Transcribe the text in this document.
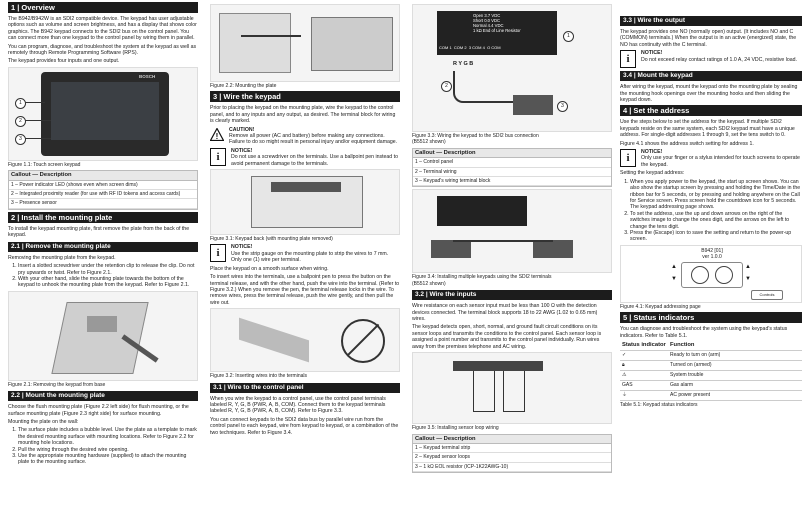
1 | Overview

The B942/B942W is an SDI2 compatible device. The keypad has user adjustable options such as volume and screen brightness, and has a display that shows color graphics. The B942 keypad connects to the SDI2 bus on the control panel. You can connect more than one keypad to the control panel by wiring them in parallel.

You can program, diagnose, and troubleshoot the system at the keypad as well as remotely through Remote Programming Software (RPS).

The keypad provides four inputs and one output.

BOSCH
1
2
3
Figure 1.1: Touch screen keypad
Callout — Description
1 – Power indicator LED (shows even when screen dims)
2 – Integrated proximity reader (for use with RF ID tokens and access cards)
3 – Presence sensor
2 | Install the mounting plate

To install the keypad mounting plate, first remove the plate from the back of the keypad.

2.1 | Remove the mounting plate

Removing the mounting plate from the keypad.

1. Insert a slotted screwdriver under the retention clip to release the clip. Do not pry upwards or twist. Refer to Figure 2.1.
2. With your other hand, slide the mounting plate towards the bottom of the keypad to unhook the mounting plate from the keypad. Refer to Figure 2.1.
Figure 2.1: Removing the keypad from base
2.2 | Mount the mounting plate

Choose the flush mounting plate (Figure 2.2 left side) for flush mounting, or the surface mounting plate (Figure 2.3 right side) for surface mounting.

Mounting the plate on the wall:

1. The surface plate includes a bubble level. Use the plate as a template to mark the desired mounting surface with mounting locations. Refer to Figure 2.2 for mounting hole locations.
2. Pull the wiring through the desired wire opening.
3. Use the appropriate mounting hardware (supplied) to attach the mounting plate to the mounting surface.
Figure 2.2: Mounting the plate
3 | Wire the keypad

Prior to placing the keypad on the mounting plate, wire the keypad to the control panel, and to any inputs and any output, as desired. The terminal block for wiring is clearly marked.

!
CAUTION!
Remove all power (AC and battery) before making any connections. Failure to do so might result in personal injury and/or equipment damage.
i	NOTICE!
Do not use a screwdriver on the terminals. Use a ballpoint pen instead to avoid permanent damage to the terminals.
Figure 3.1: Keypad back (with mounting plate removed)
i	NOTICE!
Use the strip gauge on the mounting plate to strip the wires to 7 mm. Only one (1) wire per terminal.

Place the keypad on a smooth surface when wiring.

To insert wires into the terminals, use a ballpoint pen to press the button on the terminal release, and with the other hand, push the wire into the terminal. (Refer to Figure 3.2.) When you remove the pen, the terminal release locks in the wire. To remove wires, press the terminal release, push the wire gently, and then pull the wire out.

Figure 3.2: Inserting wires into the terminals
3.1 | Wire to the control panel

When you wire the keypad to a control panel, use the control panel terminals labeled R, Y, G, B (PWR, A, B, COM). Connect them to the keypad terminals labeled R, Y, G, B (PWR, A, B, COM). Refer to Figure 3.3.

You can connect keypads to the SDI2 data bus by parallel wire run from the control panel to each keypad, wire from keypad to keypad, or a combination of the two techniques. Refer to Figure 3.4.

Open 3.7 VDC
Short 0.0 VDC
Normal 4.4 VDC
1 kΩ End of Line Resistor
COM 1 COM 2 3 COM 4 O COM
R Y G B
1
2
3
Figure 3.3: Wiring the keypad to the SDI2 bus connection
(B5512 shown)
Callout — Description
1 – Control panel
2 – Terminal wiring
3 – Keypad's wiring terminal block
Figure 3.4: Installing multiple keypads using the SDI2 terminals
(B5512 shown)
3.2 | Wire the inputs

Wire resistance on each sensor input must be less than 100 Ω with the detection devices connected. The terminal block supports 18 to 22 AWG (1.02 to 0.65 mm) wires.

The keypad detects open, short, normal, and ground fault circuit conditions on its sensor loops and transmits the conditions to the control panel. Each sensor loop is assigned a point number and transmits to the control panel individually. Run wires away from the premises telephone and AC wiring.

Figure 3.5: Installing sensor loop wiring
Callout — Description
1 – Keypad terminal strip
2 – Keypad sensor loops
3 – 1 kΩ EOL resistor (ICP-1K22AWG-10)
3.3 | Wire the output

The keypad provides one NO (normally open) output. (It includes NO and C (COMMON) terminals.) When the output is in an active (energized) state, the NO has continuity with the C terminal.

i	NOTICE!
Do not exceed relay contact ratings of 1.0 A, 24 VDC, resistive load.
3.4 | Mount the keypad

After wiring the keypad, mount the keypad onto the mounting plate by sealing the mounting hook openings over the mounting hooks and then sliding the keypad down.

4 | Set the address

Use the steps below to set the address for the keypad. If multiple SDI2 keypads reside on the same system, each SDI2 keypad must have a unique address. For single-digit addresses 1 through 9, set the tens switch to 0.

Figure 4.1 shows the address switch setting for address 1.

i	NOTICE!
Only use your finger or a stylus intended for touch screens to operate the keypad.

Setting the keypad address:

1. When you apply power to the keypad, the start up screen shows. You can also show the startup screen by pressing and holding the Time/Date in the ribbon bar for 5 seconds, or by pressing and holding anywhere on the Call for Service screen. Press screen hold the countdown icon for 5 seconds. The keypad addressing page shows.
2. To set the address, use the up and down arrows on the right of the switches image to change the ones digit, and the arrows on the left to change the tens digit.
3. Press the (Escape) icon to save the setting and return to the power-up screen.
B942 [01]
ver 1.0.0
▲
▼
▲
▼
Controls
Figure 4.1: Keypad addressing page
5 | Status indicators

You can diagnose and troubleshoot the system using the keypad's status indicators. Refer to Table 5.1.

Status indicator	Function
✓	Ready to turn on (arm)
🔒︎	Turned on (armed)
⚠	System trouble
GAS	Gas alarm
⏚	AC power present
Table 5.1: Keypad status indicators
